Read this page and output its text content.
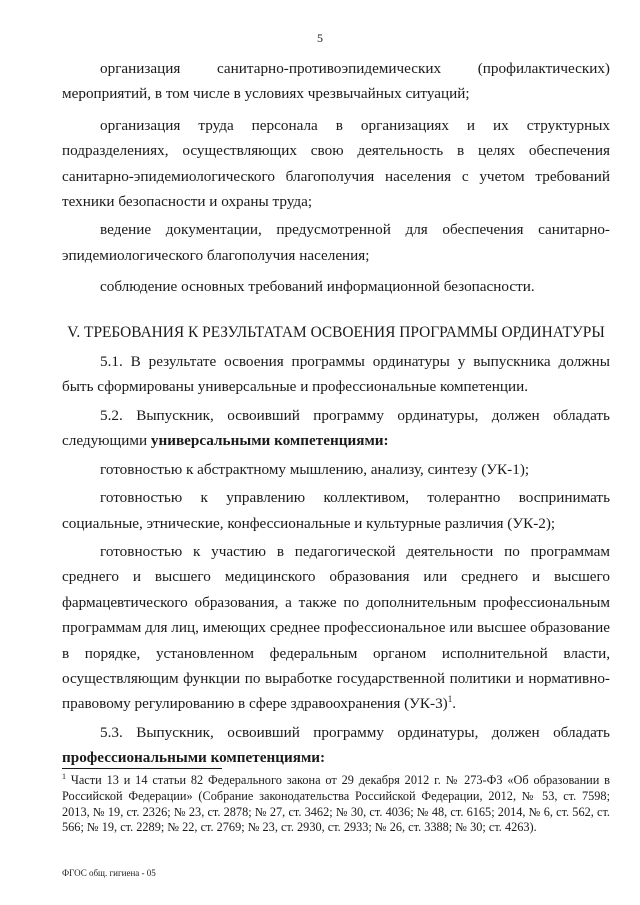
5

организация санитарно-противоэпидемических (профилактических) мероприятий, в том числе в условиях чрезвычайных ситуаций;

организация труда персонала в организациях и их структурных подразделениях, осуществляющих свою деятельность в целях обеспечения санитарно-эпидемиологического благополучия населения с учетом требований техники безопасности и охраны труда;

ведение документации, предусмотренной для обеспечения санитарно-эпидемиологического благополучия населения;

соблюдение основных требований информационной безопасности.

V. ТРЕБОВАНИЯ К РЕЗУЛЬТАТАМ ОСВОЕНИЯ ПРОГРАММЫ ОРДИНАТУРЫ

5.1. В результате освоения программы ординатуры у выпускника должны быть сформированы универсальные и профессиональные компетенции.

5.2. Выпускник, освоивший программу ординатуры, должен обладать следующими универсальными компетенциями:

готовностью к абстрактному мышлению, анализу, синтезу (УК-1);

готовностью к управлению коллективом, толерантно воспринимать социальные, этнические, конфессиональные и культурные различия (УК-2);

готовностью к участию в педагогической деятельности по программам среднего и высшего медицинского образования или среднего и высшего фармацевтического образования, а также по дополнительным профессиональным программам для лиц, имеющих среднее профессиональное или высшее образование в порядке, установленном федеральным органом исполнительной власти, осуществляющим функции по выработке государственной политики и нормативно-правовому регулированию в сфере здравоохранения $(УК-3)^1$.

5.3. Выпускник, освоивший программу ординатуры, должен обладать профессиональными компетенциями:

$^1$ Части 13 и 14 статьи 82 Федерального закона от 29 декабря 2012 г. № 273-ФЗ «Об образовании в Российской Федерации» (Собрание законодательства Российской Федерации, 2012, № 53, ст. 7598; 2013, № 19, ст. 2326; № 23, ст. 2878; № 27, ст. 3462; № 30, ст. 4036; № 48, ст. 6165; 2014, № 6, ст. 562, ст. 566; № 19, ст. 2289; № 22, ст. 2769; № 23, ст. 2930, ст. 2933; № 26, ст. 3388; № 30; ст. 4263).

ФГОС общ. гигиена - 05
